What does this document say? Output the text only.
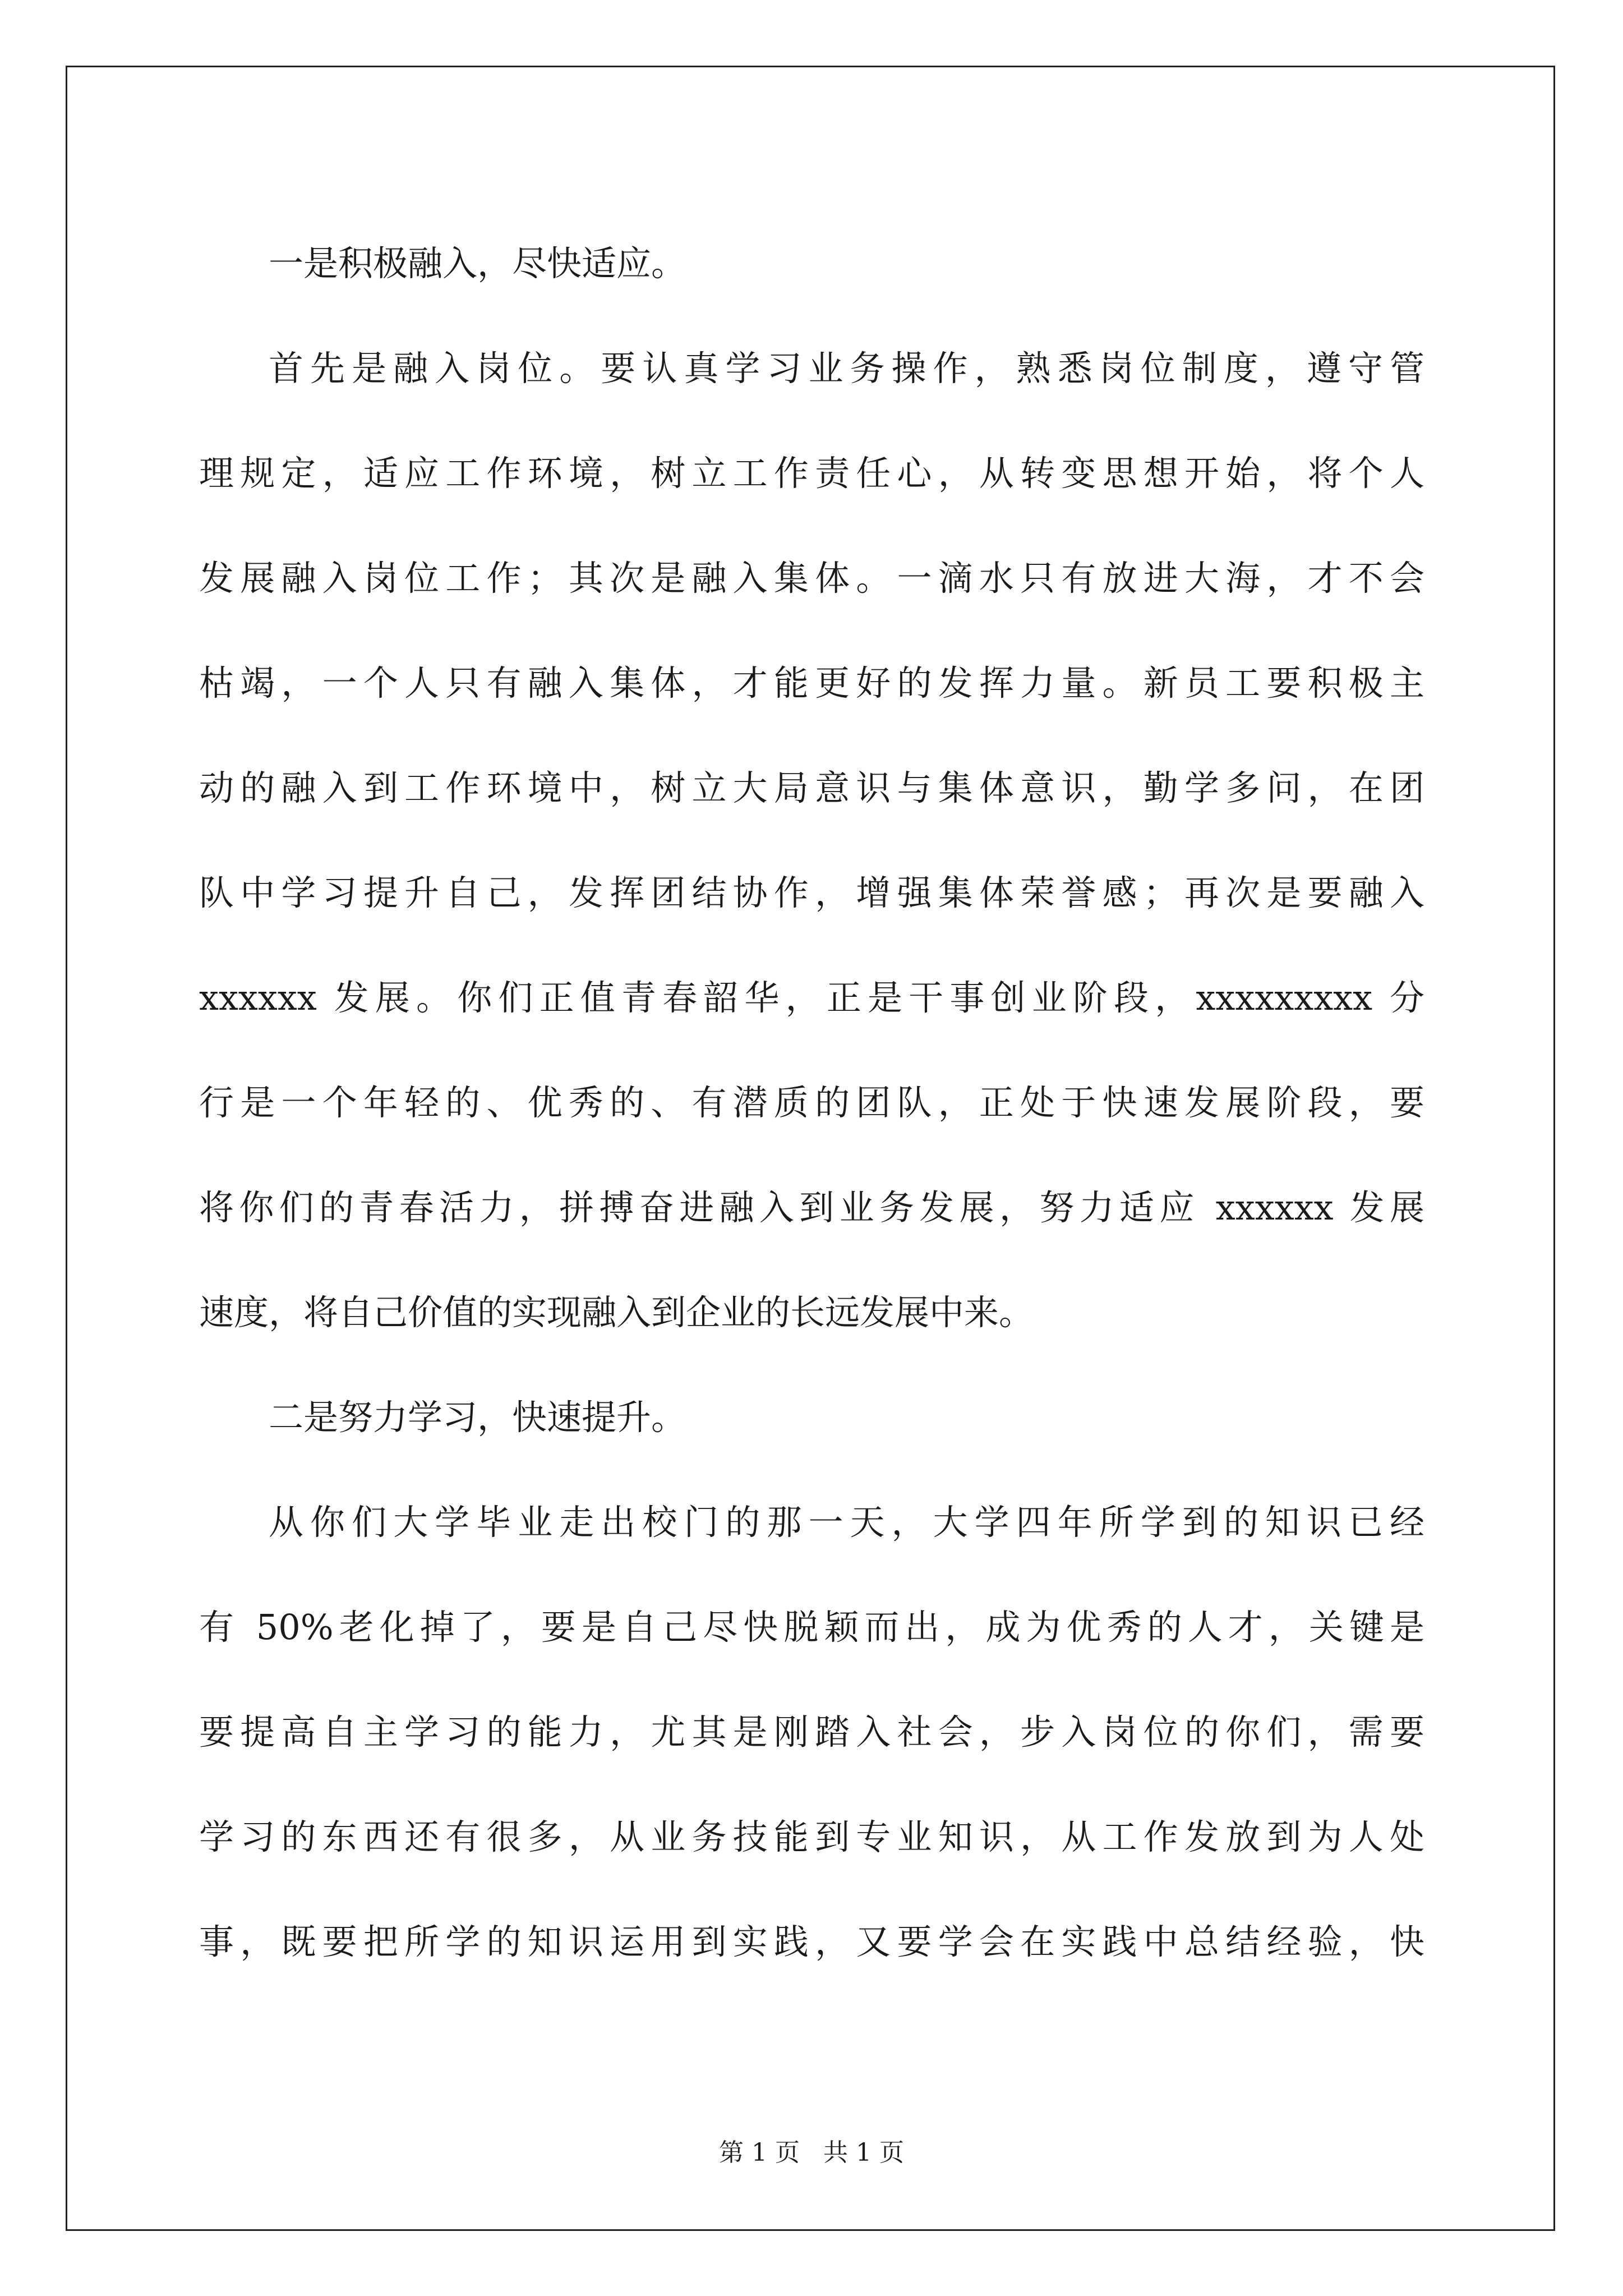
一是积极融入，尽快适应。

首先是融入岗位。要认真学习业务操作，熟悉岗位制度，遵守管

理规定，适应工作环境，树立工作责任心，从转变思想开始，将个人

发展融入岗位工作；其次是融入集体。一滴水只有放进大海，才不会

枯竭，一个人只有融入集体，才能更好的发挥力量。新员工要积极主

动的融入到工作环境中，树立大局意识与集体意识，勤学多问，在团

队中学习提升自己，发挥团结协作，增强集体荣誉感；再次是要融入

xxxxxx 发展。你们正值青春韶华，正是干事创业阶段，xxxxxxxxx 分

行是一个年轻的、优秀的、有潜质的团队，正处于快速发展阶段，要

将你们的青春活力，拼搏奋进融入到业务发展，努力适应 xxxxxx 发展

速度，将自己价值的实现融入到企业的长远发展中来。

二是努力学习，快速提升。

从你们大学毕业走出校门的那一天，大学四年所学到的知识已经

有 50%老化掉了，要是自己尽快脱颖而出，成为优秀的人才，关键是

要提高自主学习的能力，尤其是刚踏入社会，步入岗位的你们，需要

学习的东西还有很多，从业务技能到专业知识，从工作发放到为人处

事，既要把所学的知识运用到实践，又要学会在实践中总结经验，快

第 1 页 共 1 页
